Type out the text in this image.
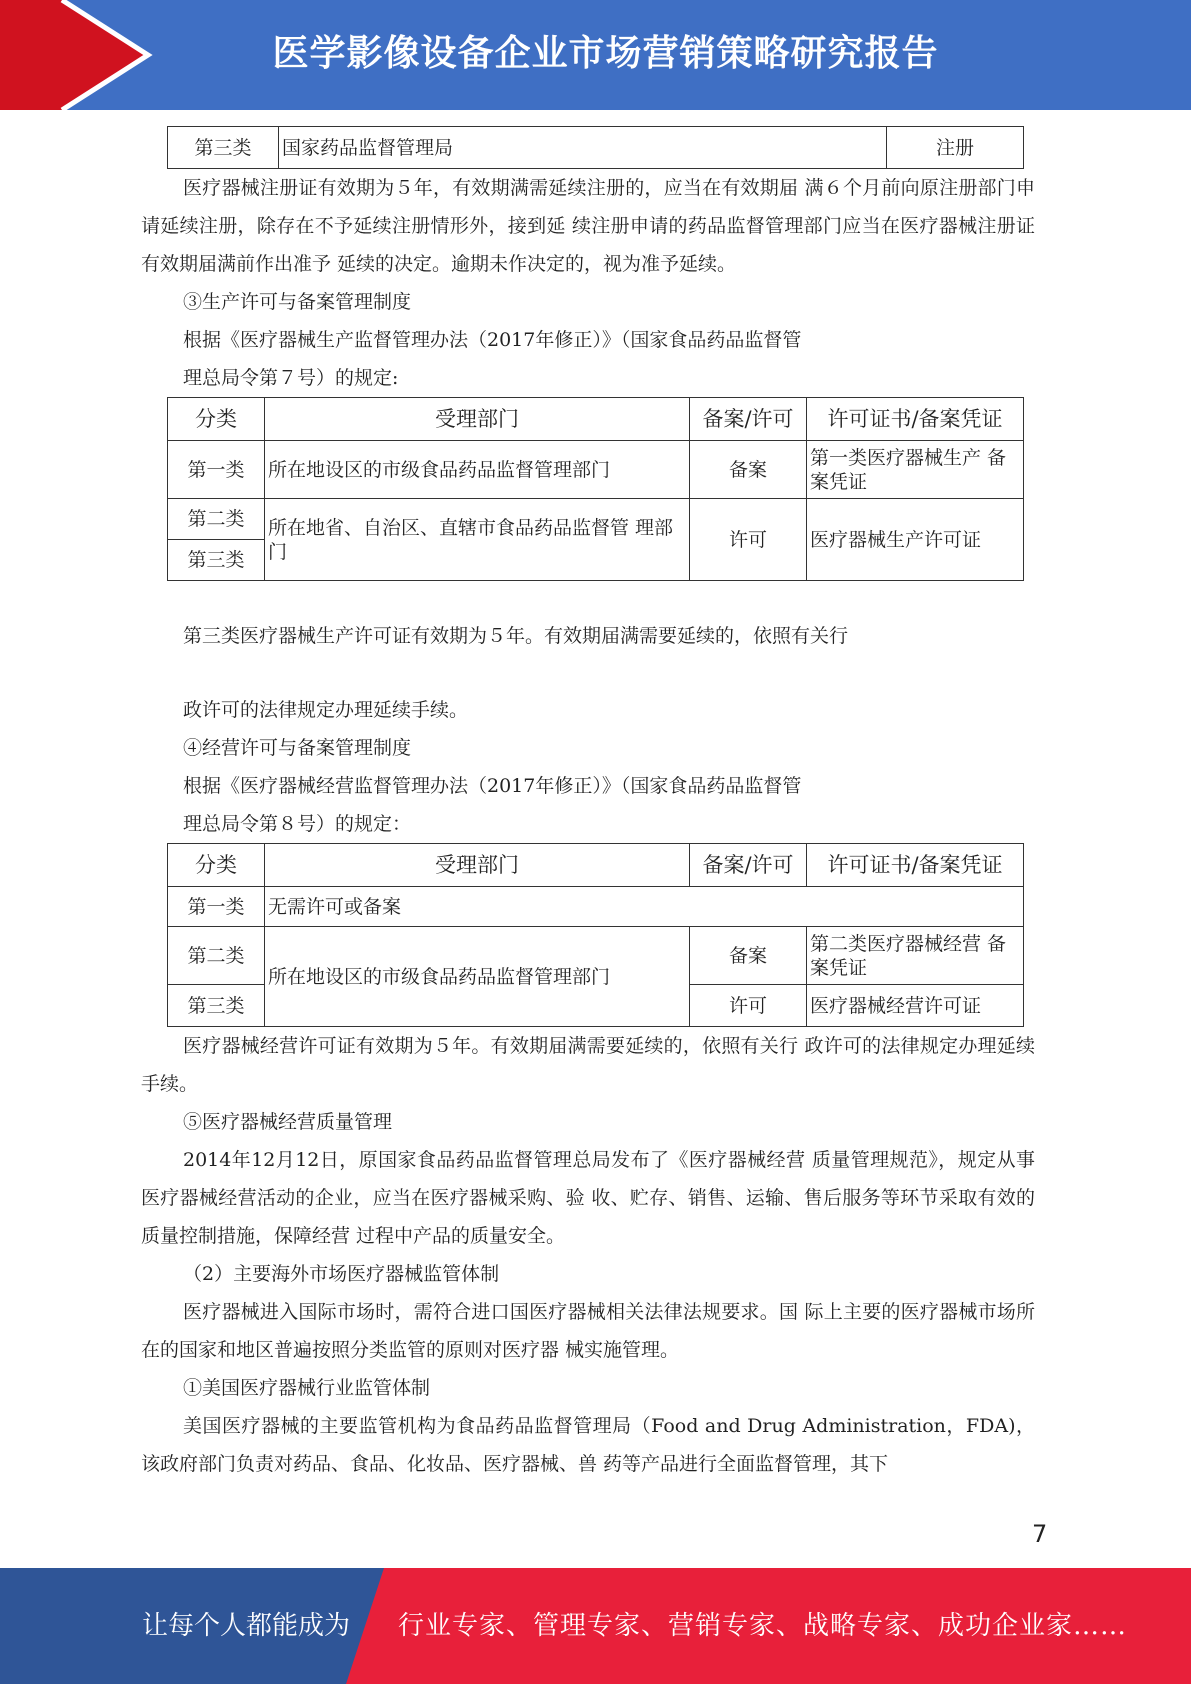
医学影像设备企业市场营销策略研究报告
第三类	国家药品监督管理局	注册

医疗器械注册证有效期为５年，有效期满需延续注册的，应当在有效期届 满６个月前向原注册部门申请延续注册，除存在不予延续注册情形外，接到延 续注册申请的药品监督管理部门应当在医疗器械注册证有效期届满前作出准予 延续的决定。逾期未作决定的，视为准予延续。

③生产许可与备案管理制度

根据《医疗器械生产监督管理办法（2017年修正）》（国家食品药品监督管

理总局令第７号）的规定:

分类	受理部门	备案/许可	许可证书/备案凭证
第一类	所在地设区的市级食品药品监督管理部门	备案	第一类医疗器械生产 备案凭证
第二类	所在地省、自治区、直辖市食品药品监督管 理部门	许可	医疗器械生产许可证
第三类			

第三类医疗器械生产许可证有效期为５年。有效期届满需要延续的，依照有关行

政许可的法律规定办理延续手续。

④经营许可与备案管理制度

根据《医疗器械经营监督管理办法（2017年修正）》（国家食品药品监督管

理总局令第８号）的规定：

分类	受理部门	备案/许可	许可证书/备案凭证
第一类	无需许可或备案		
第二类	所在地设区的市级食品药品监督管理部门	备案	第二类医疗器械经营 备案凭证
第三类		许可	医疗器械经营许可证

医疗器械经营许可证有效期为５年。有效期届满需要延续的，依照有关行 政许可的法律规定办理延续手续。

⑤医疗器械经营质量管理

2014年12月12日，原国家食品药品监督管理总局发布了《医疗器械经营 质量管理规范》，规定从事医疗器械经营活动的企业，应当在医疗器械采购、验 收、贮存、销售、运输、售后服务等环节采取有效的质量控制措施，保障经营 过程中产品的质量安全。

（2）主要海外市场医疗器械监管体制

医疗器械进入国际市场时，需符合进口国医疗器械相关法律法规要求。国 际上主要的医疗器械市场所在的国家和地区普遍按照分类监管的原则对医疗器 械实施管理。

①美国医疗器械行业监管体制

美国医疗器械的主要监管机构为食品药品监督管理局（Food and Drug Administration，FDA)，该政府部门负责对药品、食品、化妆品、医疗器械、兽 药等产品进行全面监督管理，其下

7
让每个人都能成为 行业专家、管理专家、营销专家、战略专家、成功企业家……
